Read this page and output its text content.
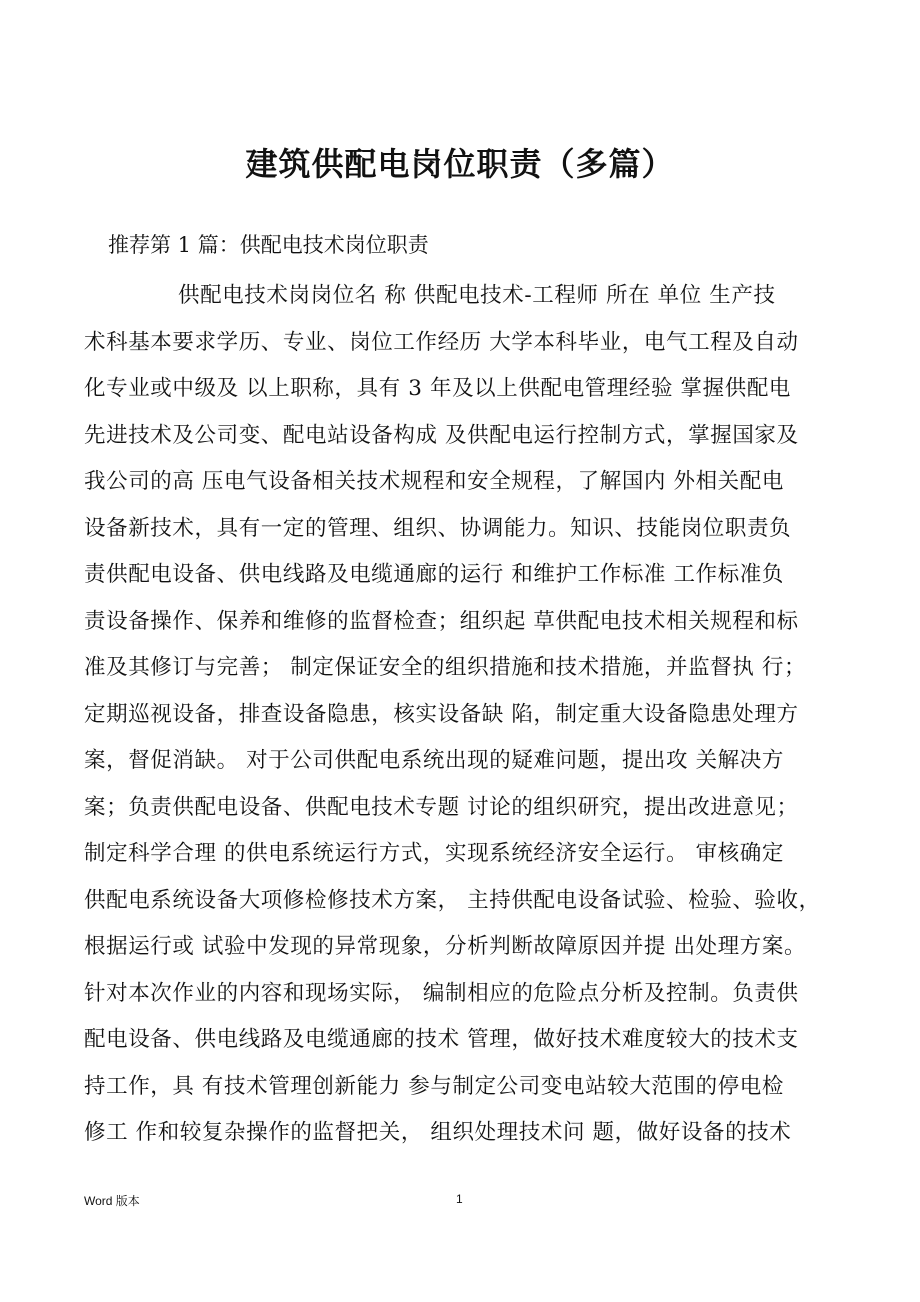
建筑供配电岗位职责（多篇）
推荐第 1 篇：供配电技术岗位职责
供配电技术岗岗位名 称 供配电技术-工程师 所在 单位 生产技
术科基本要求学历、专业、岗位工作经历 大学本科毕业，电气工程及自动
化专业或中级及 以上职称，具有 3 年及以上供配电管理经验 掌握供配电
先进技术及公司变、配电站设备构成 及供配电运行控制方式，掌握国家及
我公司的高 压电气设备相关技术规程和安全规程，了解国内 外相关配电
设备新技术，具有一定的管理、组织、协调能力。知识、技能岗位职责负
责供配电设备、供电线路及电缆通廊的运行 和维护工作标准 工作标准负
责设备操作、保养和维修的监督检查；组织起 草供配电技术相关规程和标
准及其修订与完善； 制定保证安全的组织措施和技术措施，并监督执 行；
定期巡视设备，排查设备隐患，核实设备缺 陷，制定重大设备隐患处理方
案，督促消缺。 对于公司供配电系统出现的疑难问题，提出攻 关解决方
案；负责供配电设备、供配电技术专题 讨论的组织研究，提出改进意见；
制定科学合理 的供电系统运行方式，实现系统经济安全运行。 审核确定
供配电系统设备大项修检修技术方案， 主持供配电设备试验、检验、验收，
根据运行或 试验中发现的异常现象，分析判断故障原因并提 出处理方案。
针对本次作业的内容和现场实际， 编制相应的危险点分析及控制。负责供
配电设备、供电线路及电缆通廊的技术 管理，做好技术难度较大的技术支
持工作，具 有技术管理创新能力 参与制定公司变电站较大范围的停电检
修工 作和较复杂操作的监督把关， 组织处理技术问 题，做好设备的技术
Word 版本	1
